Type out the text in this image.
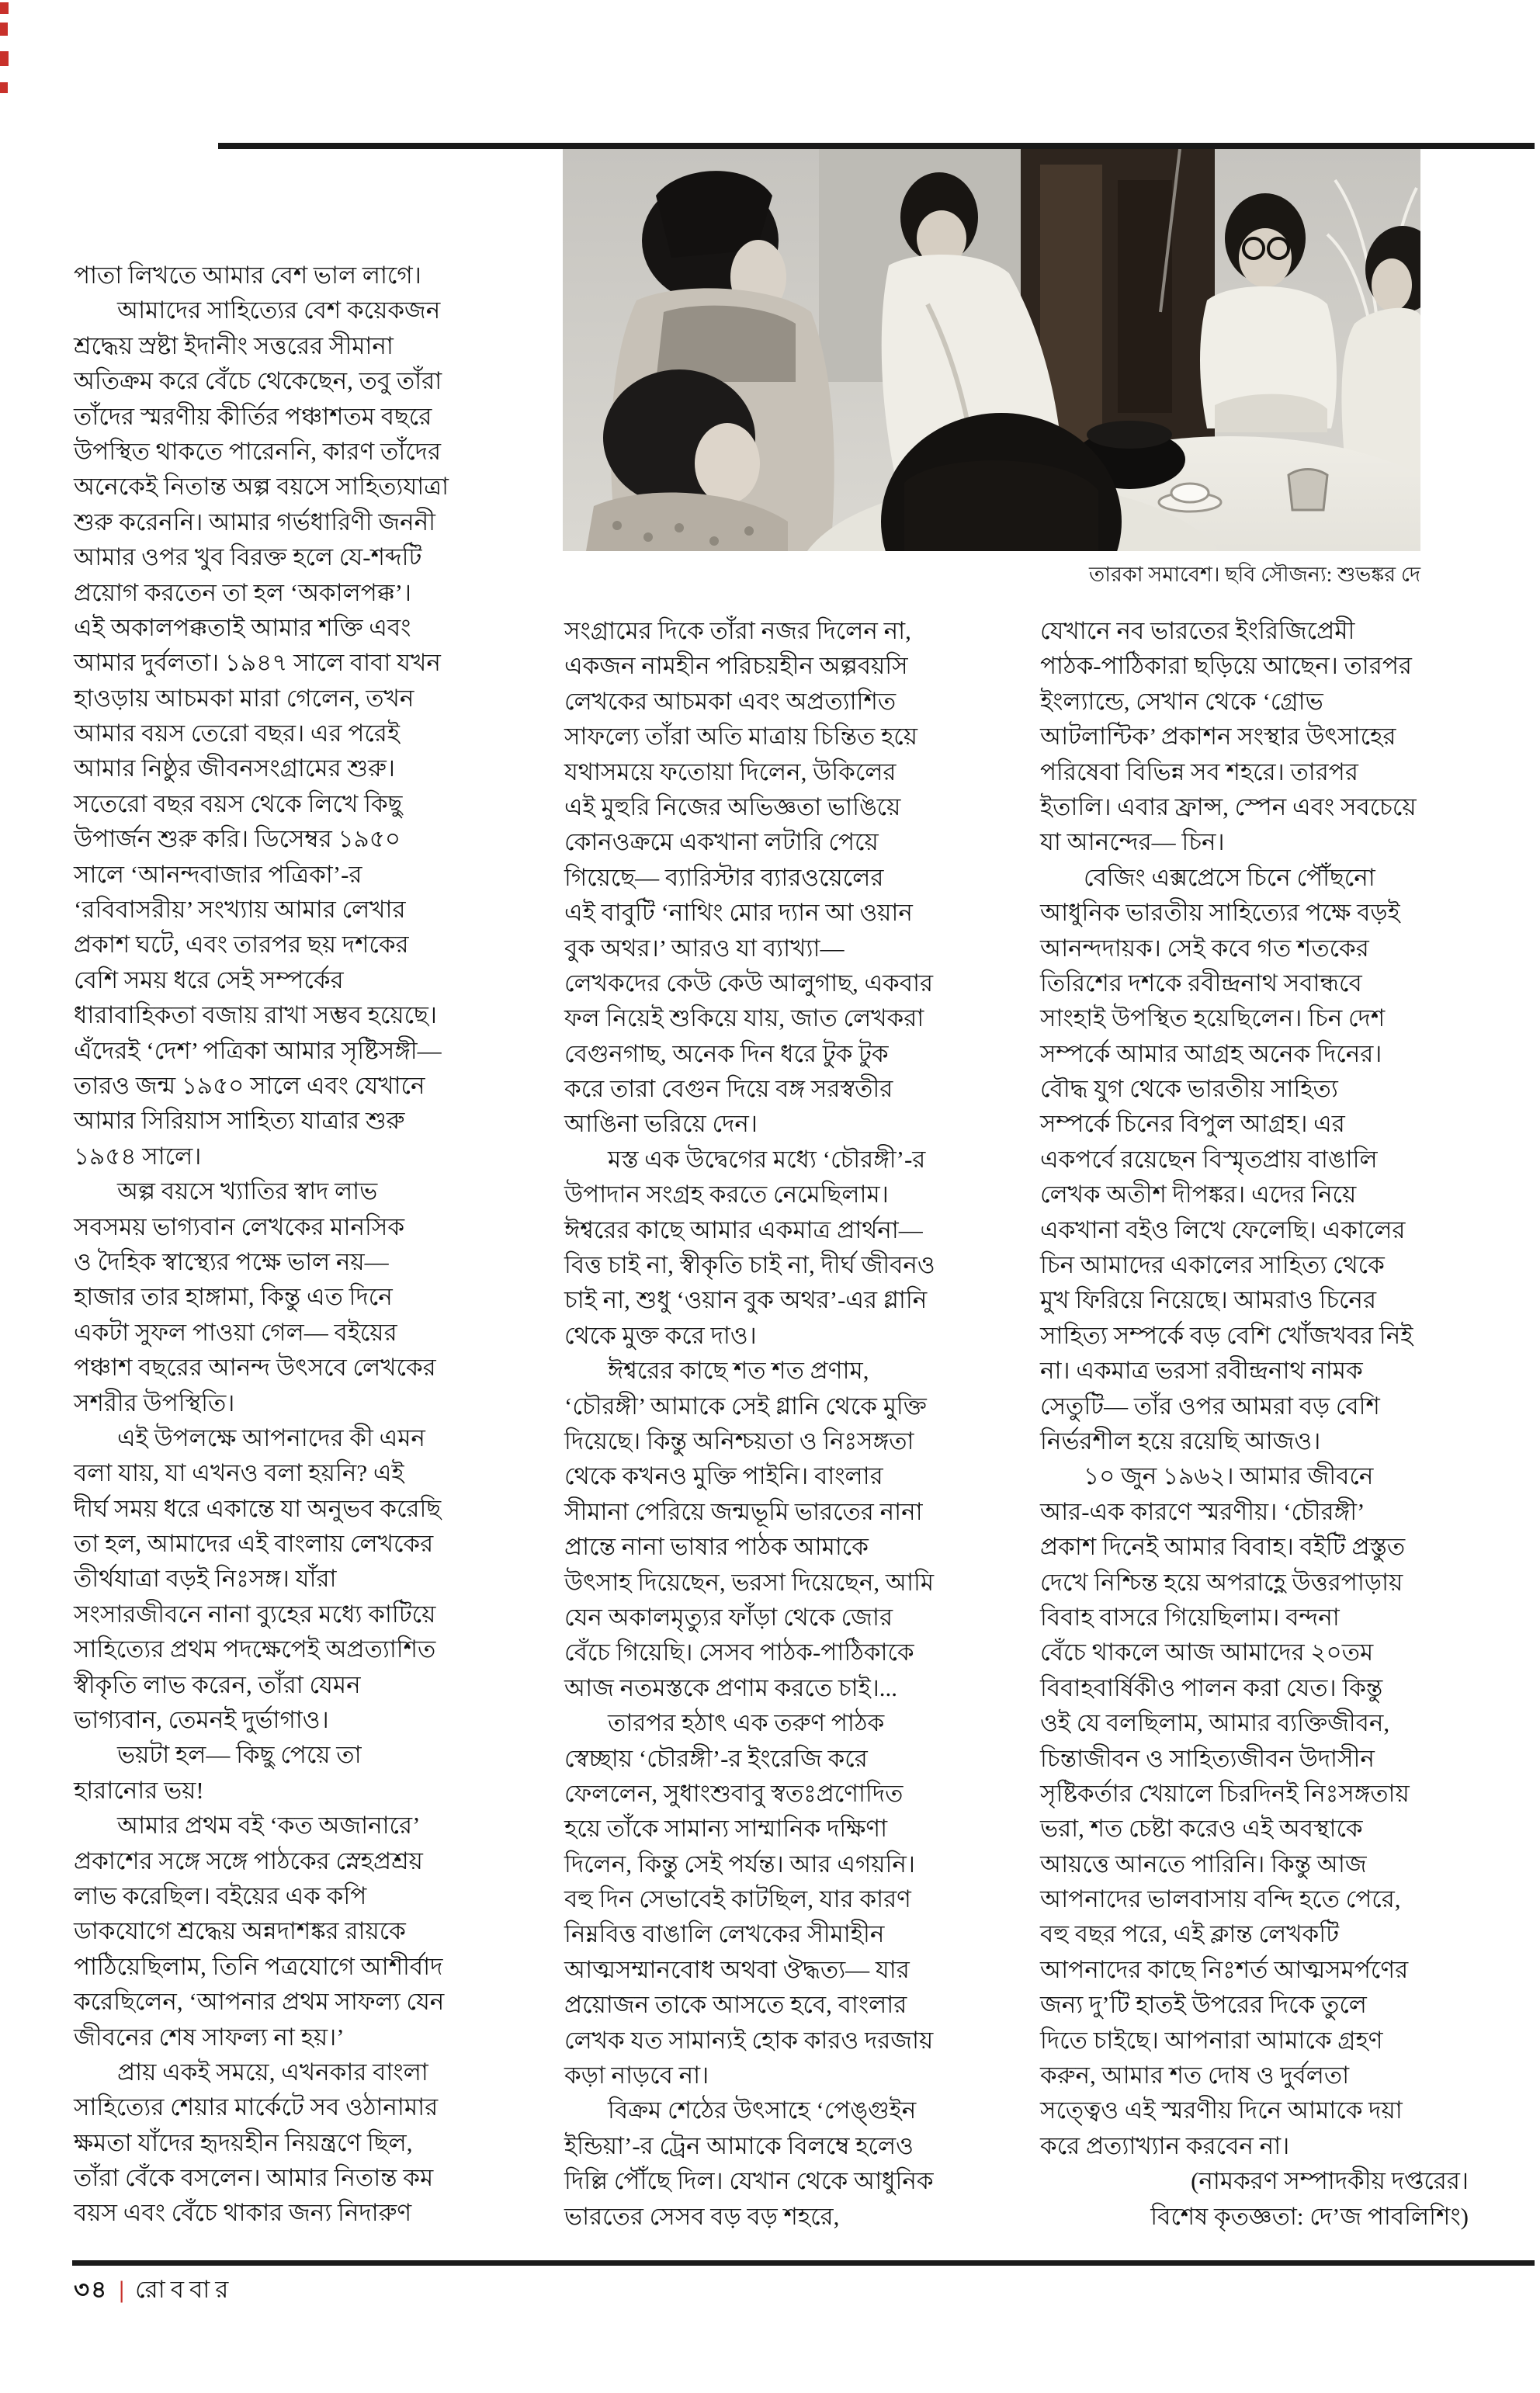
তারকা সমাবেশ। ছবি সৌজন্য: শুভঙ্কর দে
পাতা লিখতে আমার বেশ ভাল লাগে।
আমাদের সাহিত্যের বেশ কয়েকজন
শ্রদ্ধেয় স্রষ্টা ইদানীং সত্তরের সীমানা
অতিক্রম করে বেঁচে থেকেছেন, তবু তাঁরা
তাঁদের স্মরণীয় কীর্তির পঞ্চাশতম বছরে
উপস্থিত থাকতে পারেননি, কারণ তাঁদের
অনেকেই নিতান্ত অল্প বয়সে সাহিত্যযাত্রা
শুরু করেননি। আমার গর্ভধারিণী জননী
আমার ওপর খুব বিরক্ত হলে যে-শব্দটি
প্রয়োগ করতেন তা হল ‘অকালপক্ক’।
এই অকালপক্কতাই আমার শক্তি এবং
আমার দুর্বলতা। ১৯৪৭ সালে বাবা যখন
হাওড়ায় আচমকা মারা গেলেন, তখন
আমার বয়স তেরো বছর। এর পরেই
আমার নিষ্ঠুর জীবনসংগ্রামের শুরু।
সতেরো বছর বয়স থেকে লিখে কিছু
উপার্জন শুরু করি। ডিসেম্বর ১৯৫০
সালে ‘আনন্দবাজার পত্রিকা’-র
‘রবিবাসরীয়’ সংখ্যায় আমার লেখার
প্রকাশ ঘটে, এবং তারপর ছয় দশকের
বেশি সময় ধরে সেই সম্পর্কের
ধারাবাহিকতা বজায় রাখা সম্ভব হয়েছে।
এঁদেরই ‘দেশ’ পত্রিকা আমার সৃষ্টিসঙ্গী—
তারও জন্ম ১৯৫০ সালে এবং যেখানে
আমার সিরিয়াস সাহিত্য যাত্রার শুরু
১৯৫৪ সালে।
অল্প বয়সে খ্যাতির স্বাদ লাভ
সবসময় ভাগ্যবান লেখকের মানসিক
ও দৈহিক স্বাস্থ্যের পক্ষে ভাল নয়—
হাজার তার হাঙ্গামা, কিন্তু এত দিনে
একটা সুফল পাওয়া গেল— বইয়ের
পঞ্চাশ বছরের আনন্দ উৎসবে লেখকের
সশরীর উপস্থিতি।
এই উপলক্ষে আপনাদের কী এমন
বলা যায়, যা এখনও বলা হয়নি? এই
দীর্ঘ সময় ধরে একান্তে যা অনুভব করেছি
তা হল, আমাদের এই বাংলায় লেখকের
তীর্থযাত্রা বড়ই নিঃসঙ্গ। যাঁরা
সংসারজীবনে নানা ব্যুহের মধ্যে কাটিয়ে
সাহিত্যের প্রথম পদক্ষেপেই অপ্রত্যাশিত
স্বীকৃতি লাভ করেন, তাঁরা যেমন
ভাগ্যবান, তেমনই দুর্ভাগাও।
ভয়টা হল— কিছু পেয়ে তা
হারানোর ভয়!
আমার প্রথম বই ‘কত অজানারে’
প্রকাশের সঙ্গে সঙ্গে পাঠকের স্নেহপ্রশ্রয়
লাভ করেছিল। বইয়ের এক কপি
ডাকযোগে শ্রদ্ধেয় অন্নদাশঙ্কর রায়কে
পাঠিয়েছিলাম, তিনি পত্রযোগে আশীর্বাদ
করেছিলেন, ‘আপনার প্রথম সাফল্য যেন
জীবনের শেষ সাফল্য না হয়।’
প্রায় একই সময়ে, এখনকার বাংলা
সাহিত্যের শেয়ার মার্কেটে সব ওঠানামার
ক্ষমতা যাঁদের হৃদয়হীন নিয়ন্ত্রণে ছিল,
তাঁরা বেঁকে বসলেন। আমার নিতান্ত কম
বয়স এবং বেঁচে থাকার জন্য নিদারুণ
সংগ্রামের দিকে তাঁরা নজর দিলেন না,
একজন নামহীন পরিচয়হীন অল্পবয়সি
লেখকের আচমকা এবং অপ্রত্যাশিত
সাফল্যে তাঁরা অতি মাত্রায় চিন্তিত হয়ে
যথাসময়ে ফতোয়া দিলেন, উকিলের
এই মুহুরি নিজের অভিজ্ঞতা ভাঙিয়ে
কোনওক্রমে একখানা লটারি পেয়ে
গিয়েছে— ব্যারিস্টার ব্যারওয়েলের
এই বাবুটি ‘নাথিং মোর দ্যান আ ওয়ান
বুক অথর।’ আরও যা ব্যাখ্যা—
লেখকদের কেউ কেউ আলুগাছ, একবার
ফল নিয়েই শুকিয়ে যায়, জাত লেখকরা
বেগুনগাছ, অনেক দিন ধরে টুক টুক
করে তারা বেগুন দিয়ে বঙ্গ সরস্বতীর
আঙিনা ভরিয়ে দেন।
মস্ত এক উদ্বেগের মধ্যে ‘চৌরঙ্গী’-র
উপাদান সংগ্রহ করতে নেমেছিলাম।
ঈশ্বরের কাছে আমার একমাত্র প্রার্থনা—
বিত্ত চাই না, স্বীকৃতি চাই না, দীর্ঘ জীবনও
চাই না, শুধু ‘ওয়ান বুক অথর’-এর গ্লানি
থেকে মুক্ত করে দাও।
ঈশ্বরের কাছে শত শত প্রণাম,
‘চৌরঙ্গী’ আমাকে সেই গ্লানি থেকে মুক্তি
দিয়েছে। কিন্তু অনিশ্চয়তা ও নিঃসঙ্গতা
থেকে কখনও মুক্তি পাইনি। বাংলার
সীমানা পেরিয়ে জন্মভূমি ভারতের নানা
প্রান্তে নানা ভাষার পাঠক আমাকে
উৎসাহ দিয়েছেন, ভরসা দিয়েছেন, আমি
যেন অকালমৃত্যুর ফাঁড়া থেকে জোর
বেঁচে গিয়েছি। সেসব পাঠক-পাঠিকাকে
আজ নতমস্তকে প্রণাম করতে চাই।...
তারপর হঠাৎ এক তরুণ পাঠক
স্বেচ্ছায় ‘চৌরঙ্গী’-র ইংরেজি করে
ফেললেন, সুধাংশুবাবু স্বতঃপ্রণোদিত
হয়ে তাঁকে সামান্য সাম্মানিক দক্ষিণা
দিলেন, কিন্তু সেই পর্যন্ত। আর এগয়নি।
বহু দিন সেভাবেই কাটছিল, যার কারণ
নিম্নবিত্ত বাঙালি লেখকের সীমাহীন
আত্মসম্মানবোধ অথবা ঔদ্ধত্য— যার
প্রয়োজন তাকে আসতে হবে, বাংলার
লেখক যত সামান্যই হোক কারও দরজায়
কড়া নাড়বে না।
বিক্রম শেঠের উৎসাহে ‘পেঙ্গুইন
ইন্ডিয়া’-র ট্রেন আমাকে বিলম্বে হলেও
দিল্লি পৌঁছে দিল। যেখান থেকে আধুনিক
ভারতের সেসব বড় বড় শহরে,
যেখানে নব ভারতের ইংরিজিপ্রেমী
পাঠক-পাঠিকারা ছড়িয়ে আছেন। তারপর
ইংল্যান্ডে, সেখান থেকে ‘গ্রোভ
আটলান্টিক’ প্রকাশন সংস্থার উৎসাহের
পরিষেবা বিভিন্ন সব শহরে। তারপর
ইতালি। এবার ফ্রান্স, স্পেন এবং সবচেয়ে
যা আনন্দের— চিন।
বেজিং এক্সপ্রেসে চিনে পৌঁছনো
আধুনিক ভারতীয় সাহিত্যের পক্ষে বড়ই
আনন্দদায়ক। সেই কবে গত শতকের
তিরিশের দশকে রবীন্দ্রনাথ সবান্ধবে
সাংহাই উপস্থিত হয়েছিলেন। চিন দেশ
সম্পর্কে আমার আগ্রহ অনেক দিনের।
বৌদ্ধ যুগ থেকে ভারতীয় সাহিত্য
সম্পর্কে চিনের বিপুল আগ্রহ। এর
একপর্বে রয়েছেন বিস্মৃতপ্রায় বাঙালি
লেখক অতীশ দীপঙ্কর। এদের নিয়ে
একখানা বইও লিখে ফেলেছি। একালের
চিন আমাদের একালের সাহিত্য থেকে
মুখ ফিরিয়ে নিয়েছে। আমরাও চিনের
সাহিত্য সম্পর্কে বড় বেশি খোঁজখবর নিই
না। একমাত্র ভরসা রবীন্দ্রনাথ নামক
সেতুটি— তাঁর ওপর আমরা বড় বেশি
নির্ভরশীল হয়ে রয়েছি আজও।
১০ জুন ১৯৬২। আমার জীবনে
আর-এক কারণে স্মরণীয়। ‘চৌরঙ্গী’
প্রকাশ দিনেই আমার বিবাহ। বইটি প্রস্তুত
দেখে নিশ্চিন্ত হয়ে অপরাহ্ণে উত্তরপাড়ায়
বিবাহ বাসরে গিয়েছিলাম। বন্দনা
বেঁচে থাকলে আজ আমাদের ২০তম
বিবাহবার্ষিকীও পালন করা যেত। কিন্তু
ওই যে বলছিলাম, আমার ব্যক্তিজীবন,
চিন্তাজীবন ও সাহিত্যজীবন উদাসীন
সৃষ্টিকর্তার খেয়ালে চিরদিনই নিঃসঙ্গতায়
ভরা, শত চেষ্টা করেও এই অবস্থাকে
আয়ত্তে আনতে পারিনি। কিন্তু আজ
আপনাদের ভালবাসায় বন্দি হতে পেরে,
বহু বছর পরে, এই ক্লান্ত লেখকটি
আপনাদের কাছে নিঃশর্ত আত্মসমর্পণের
জন্য দু’টি হাতই উপরের দিকে তুলে
দিতে চাইছে। আপনারা আমাকে গ্রহণ
করুন, আমার শত দোষ ও দুর্বলতা
সত্ত্বেও এই স্মরণীয় দিনে আমাকে দয়া
করে প্রত্যাখ্যান করবেন না।
(নামকরণ সম্পাদকীয় দপ্তরের।
বিশেষ কৃতজ্ঞতা: দে’জ পাবলিশিং)
৩৪ | রোববার
